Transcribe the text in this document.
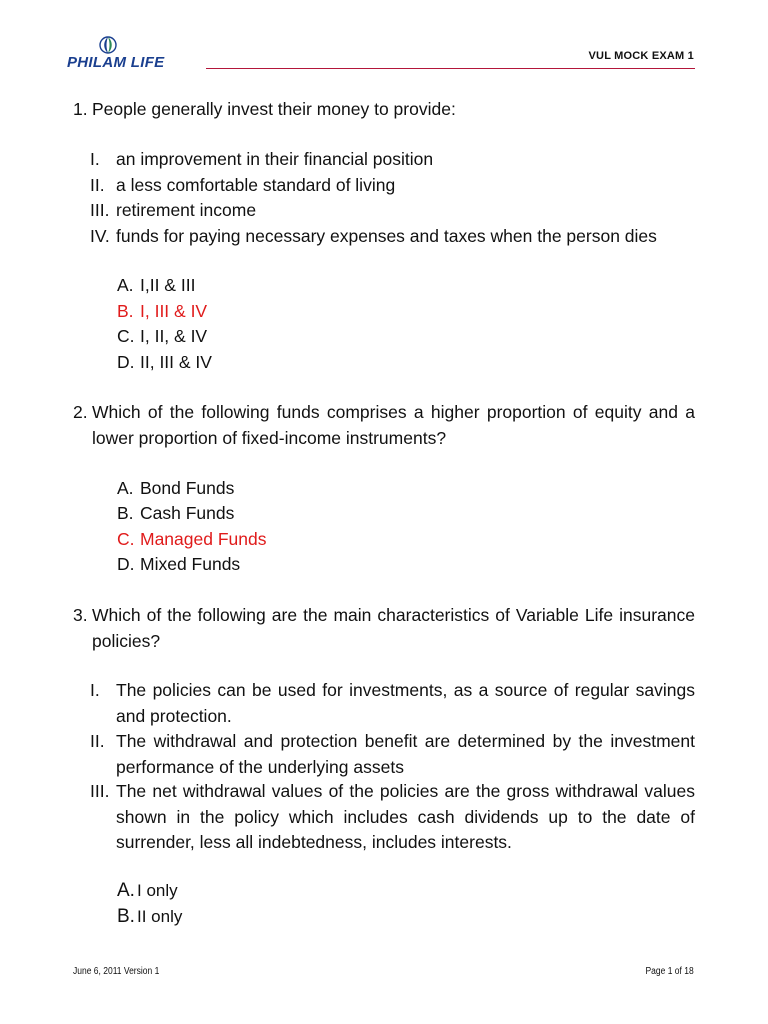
PHILAM LIFE	VUL MOCK EXAM 1
1. People generally invest their money to provide:
I. an improvement in their financial position
II. a less comfortable standard of living
III. retirement income
IV. funds for paying necessary expenses and taxes when the person dies
A. I,II & III
B. I, III & IV
C. I, II, & IV
D. II, III & IV
2. Which of the following funds comprises a higher proportion of equity and a lower proportion of fixed-income instruments?
A. Bond Funds
B. Cash Funds
C. Managed Funds
D. Mixed Funds
3. Which of the following are the main characteristics of Variable Life insurance policies?
I. The policies can be used for investments, as a source of regular savings and protection.
II. The withdrawal and protection benefit are determined by the investment performance of the underlying assets
III. The net withdrawal values of the policies are the gross withdrawal values shown in the policy which includes cash dividends up to the date of surrender, less all indebtedness, includes interests.
A. I only
B. II only
June 6, 2011 Version 1	Page 1 of 18
